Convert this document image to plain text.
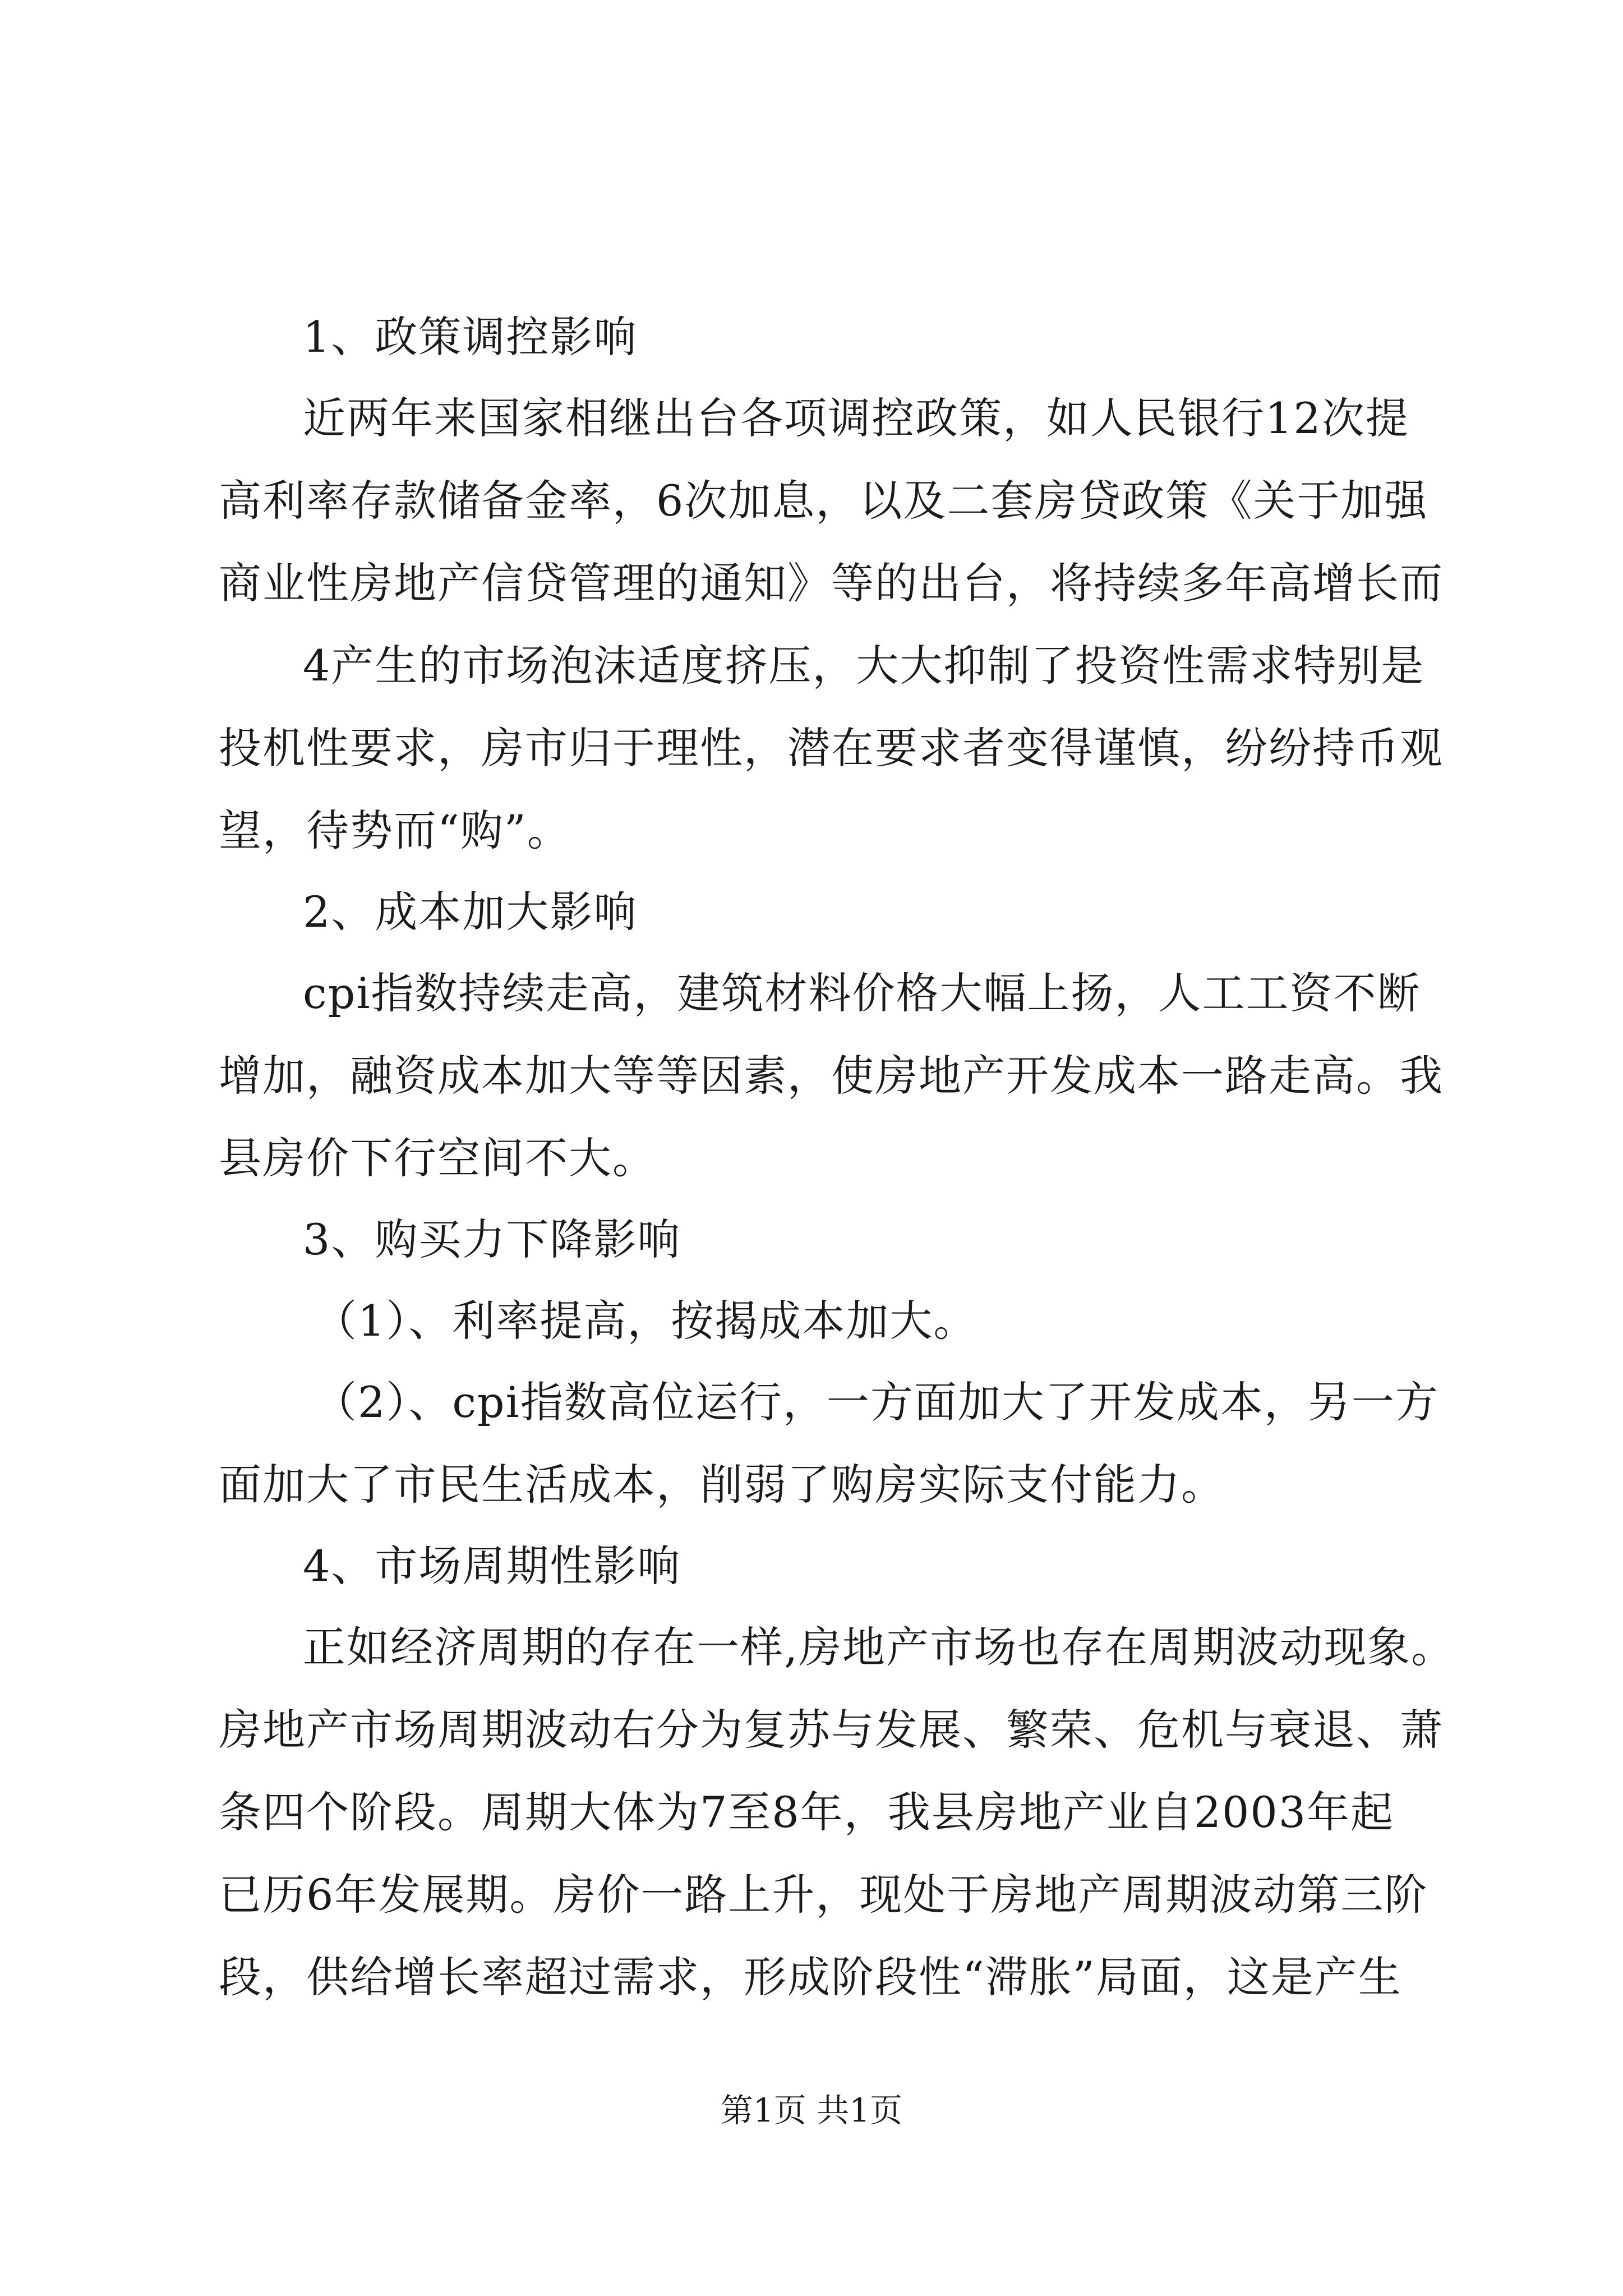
1、政策调控影响
近两年来国家相继出台各项调控政策，如人民银行12次提
高利率存款储备金率，6次加息，以及二套房贷政策《关于加强
商业性房地产信贷管理的通知》等的出台，将持续多年高增长而
4产生的市场泡沫适度挤压，大大抑制了投资性需求特别是
投机性要求，房市归于理性，潜在要求者变得谨慎，纷纷持币观
望，待势而“购”。
2、成本加大影响
cpi指数持续走高，建筑材料价格大幅上扬，人工工资不断
增加，融资成本加大等等因素，使房地产开发成本一路走高。我
县房价下行空间不大。
3、购买力下降影响
（1）、利率提高，按揭成本加大。
（2）、cpi指数高位运行，一方面加大了开发成本，另一方
面加大了市民生活成本，削弱了购房实际支付能力。
4、市场周期性影响
正如经济周期的存在一样,房地产市场也存在周期波动现象。
房地产市场周期波动右分为复苏与发展、繁荣、危机与衰退、萧
条四个阶段。周期大体为7至8年，我县房地产业自2003年起
已历6年发展期。房价一路上升，现处于房地产周期波动第三阶
段，供给增长率超过需求，形成阶段性“滞胀”局面，这是产生
第1页 共1页
